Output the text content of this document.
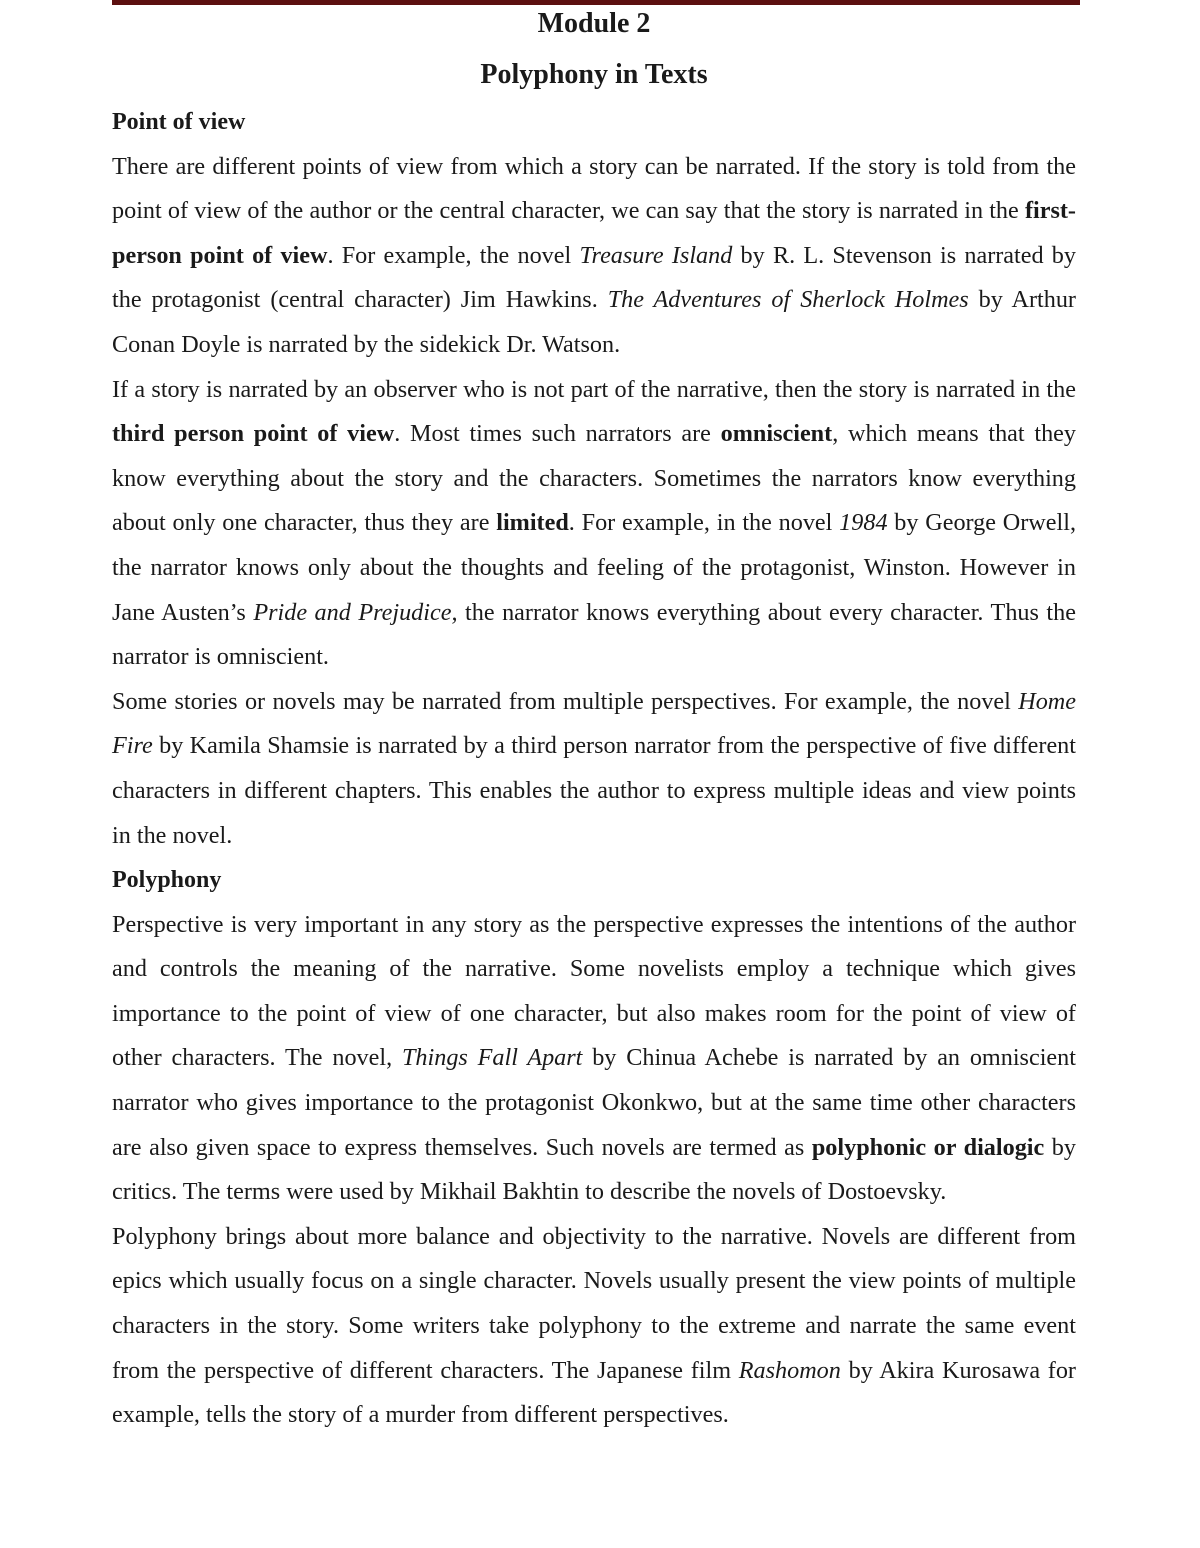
Module 2
Polyphony in Texts
Point of view

There are different points of view from which a story can be narrated. If the story is told from the point of view of the author or the central character, we can say that the story is narrated in the first-person point of view. For example, the novel Treasure Island by R. L. Stevenson is narrated by the protagonist (central character) Jim Hawkins. The Adventures of Sherlock Holmes by Arthur Conan Doyle is narrated by the sidekick Dr. Watson.

If a story is narrated by an observer who is not part of the narrative, then the story is narrated in the third person point of view. Most times such narrators are omniscient, which means that they know everything about the story and the characters. Sometimes the narrators know everything about only one character, thus they are limited. For example, in the novel 1984 by George Orwell, the narrator knows only about the thoughts and feeling of the protagonist, Winston. However in Jane Austen’s Pride and Prejudice, the narrator knows everything about every character. Thus the narrator is omniscient.

Some stories or novels may be narrated from multiple perspectives. For example, the novel Home Fire by Kamila Shamsie is narrated by a third person narrator from the perspective of five different characters in different chapters. This enables the author to express multiple ideas and view points in the novel.

Polyphony

Perspective is very important in any story as the perspective expresses the intentions of the author and controls the meaning of the narrative. Some novelists employ a technique which gives importance to the point of view of one character, but also makes room for the point of view of other characters. The novel, Things Fall Apart by Chinua Achebe is narrated by an omniscient narrator who gives importance to the protagonist Okonkwo, but at the same time other characters are also given space to express themselves. Such novels are termed as polyphonic or dialogic by critics. The terms were used by Mikhail Bakhtin to describe the novels of Dostoevsky.

Polyphony brings about more balance and objectivity to the narrative. Novels are different from epics which usually focus on a single character. Novels usually present the view points of multiple characters in the story. Some writers take polyphony to the extreme and narrate the same event from the perspective of different characters. The Japanese film Rashomon by Akira Kurosawa for example, tells the story of a murder from different perspectives.
